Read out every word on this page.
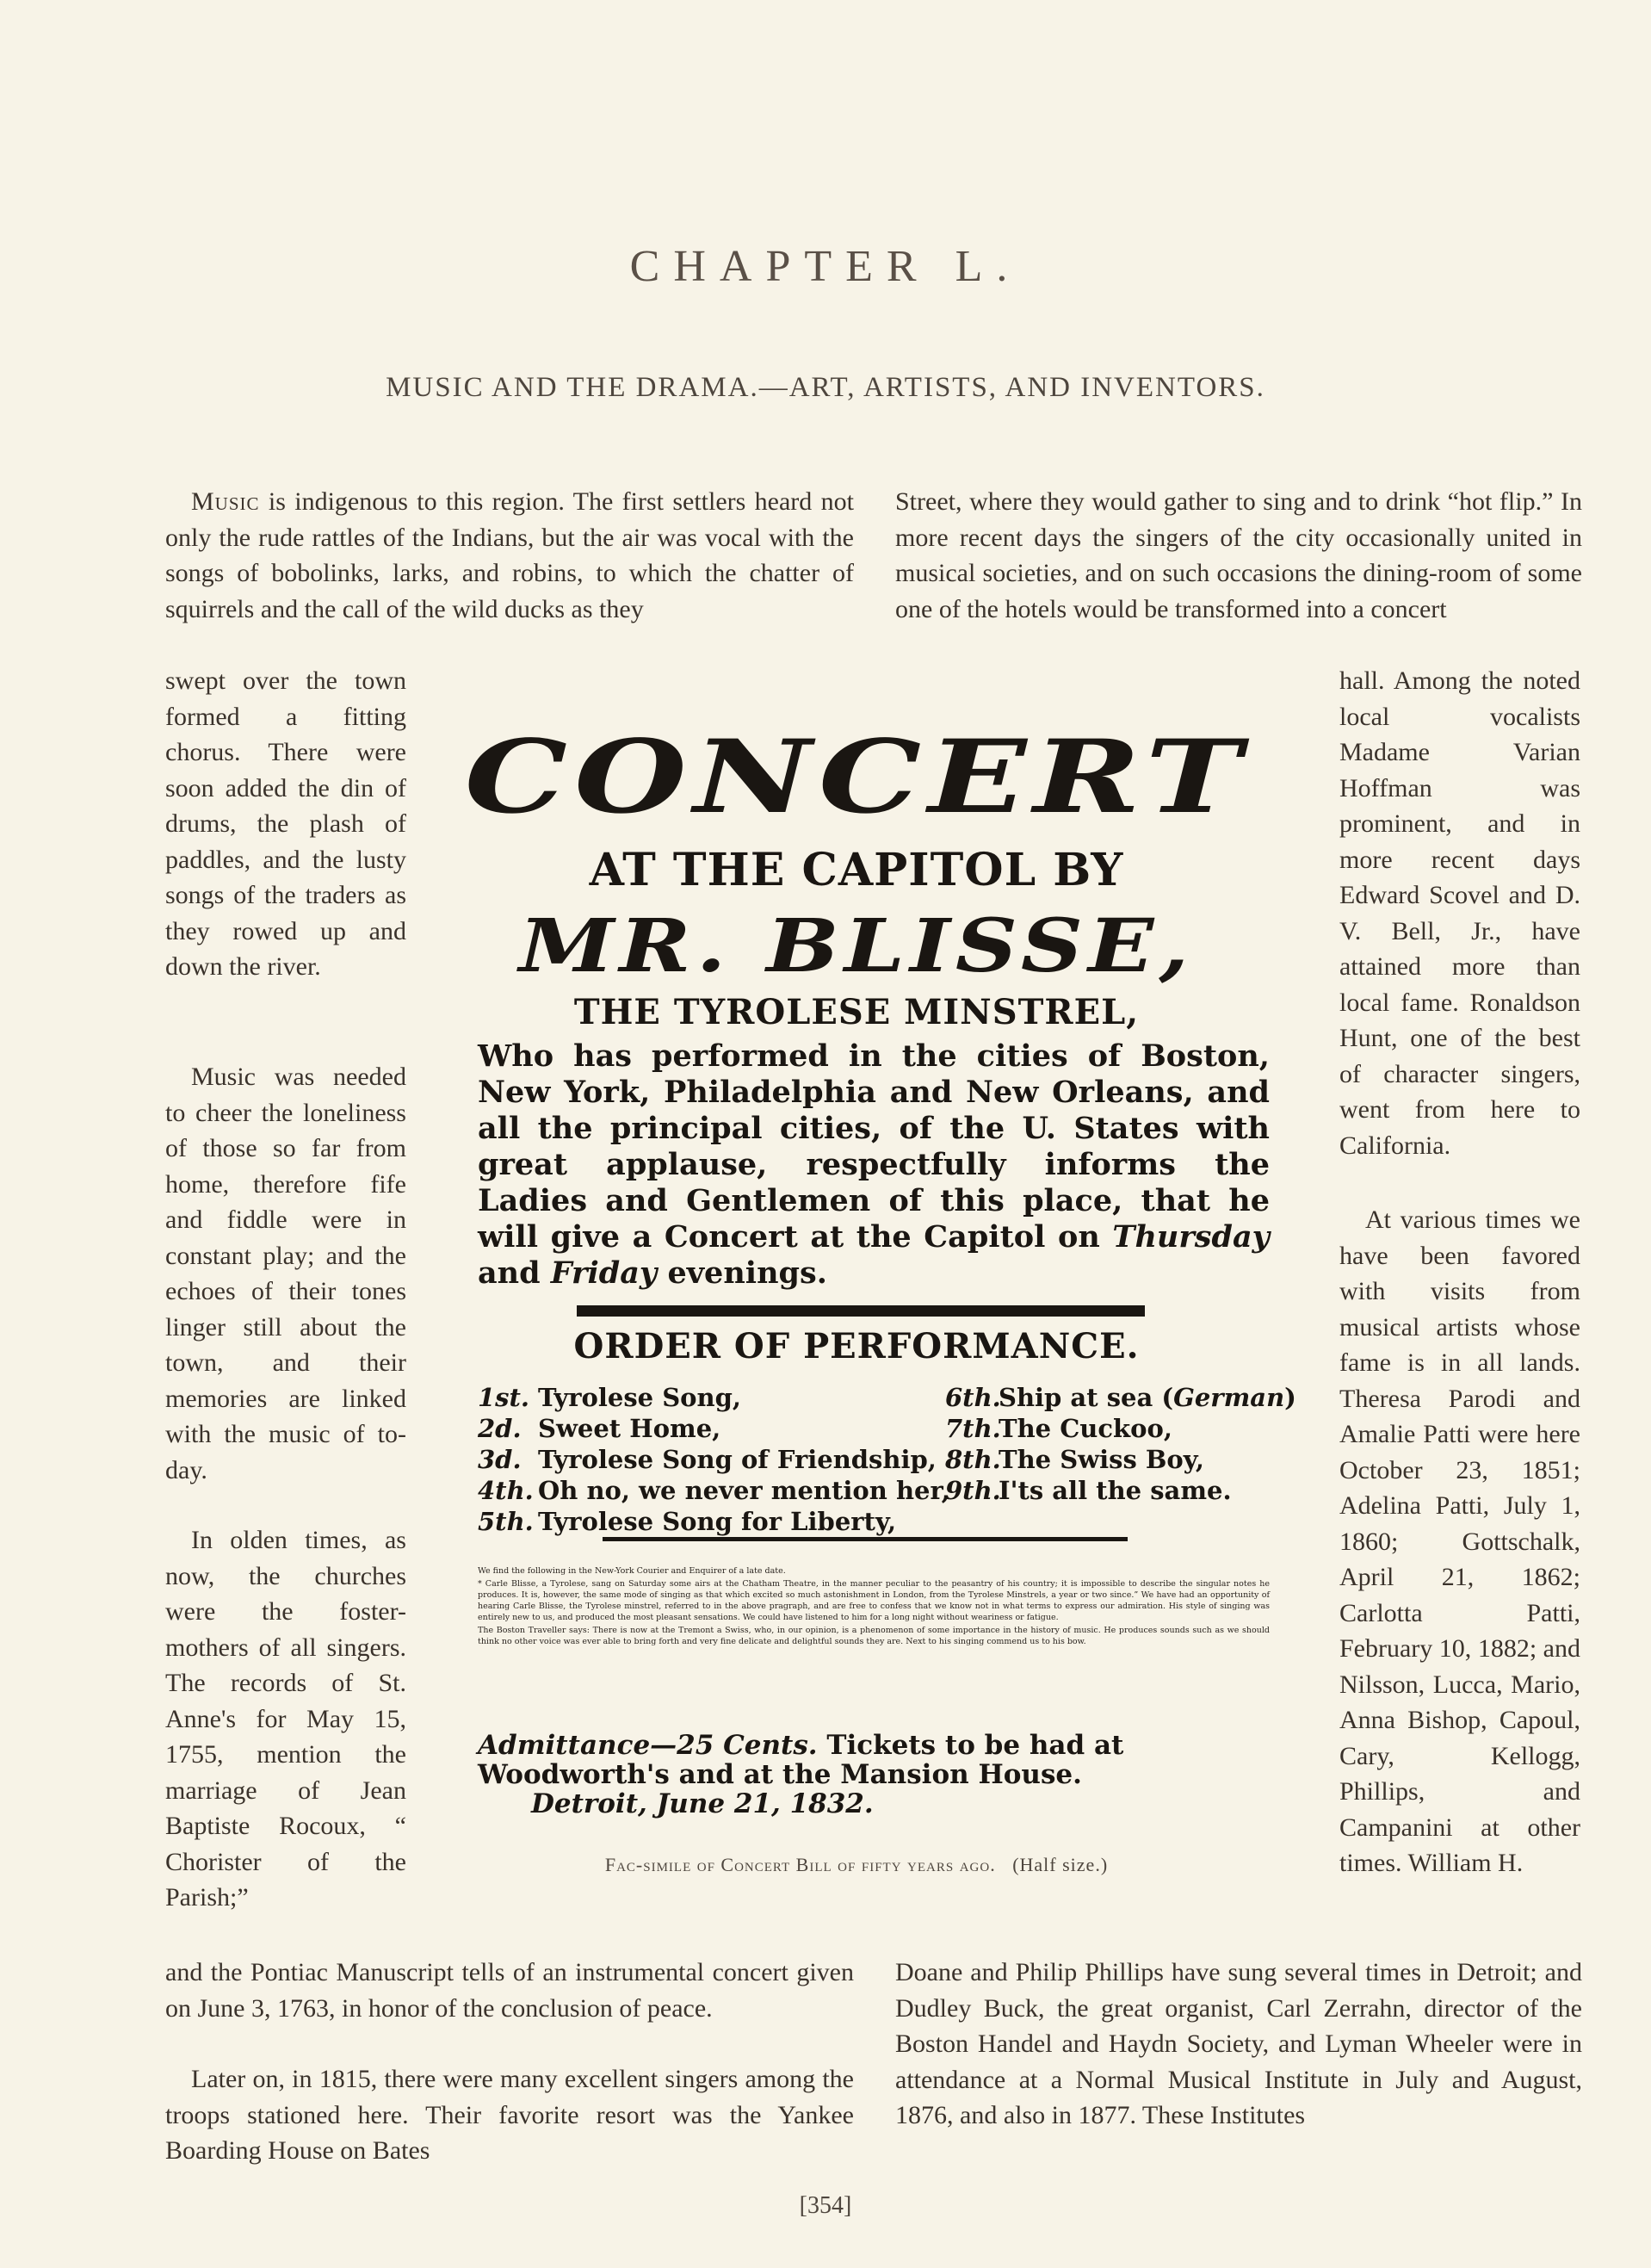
CHAPTER L.
MUSIC AND THE DRAMA.—ART, ARTISTS, AND INVENTORS.

Music is indigenous to this region. The first settlers heard not only the rude rattles of the Indians, but the air was vocal with the songs of bobolinks, larks, and robins, to which the chatter of squirrels and the call of the wild ducks as they

Street, where they would gather to sing and to drink “hot flip.” In more recent days the singers of the city occasionally united in musical societies, and on such occasions the dining-room of some one of the hotels would be transformed into a concert

swept over the town formed a fitting chorus. There were soon added the din of drums, the plash of paddles, and the lusty songs of the traders as they rowed up and down the river.

Music was needed to cheer the loneliness of those so far from home, therefore fife and fiddle were in constant play; and the echoes of their tones linger still about the town, and their memories are linked with the music of to-day.

In olden times, as now, the churches were the foster-mothers of all singers. The records of St. Anne's for May 15, 1755, mention the marriage of Jean Baptiste Rocoux, “ Chorister of the Parish;”

hall. Among the noted local vocalists Madame Varian Hoffman was prominent, and in more recent days Edward Scovel and D. V. Bell, Jr., have attained more than local fame. Ronaldson Hunt, one of the best of character singers, went from here to California.

At various times we have been favored with visits from musical artists whose fame is in all lands. Theresa Parodi and Amalie Patti were here October 23, 1851; Adelina Patti, July 1, 1860; Gottschalk, April 21, 1862; Carlotta Patti, February 10, 1882; and Nilsson, Lucca, Mario, Anna Bishop, Capoul, Cary, Kellogg, Phillips, and Campanini at other times. William H.

and the Pontiac Manuscript tells of an instrumental concert given on June 3, 1763, in honor of the conclusion of peace.

Later on, in 1815, there were many excellent singers among the troops stationed here. Their favorite resort was the Yankee Boarding House on Bates

Doane and Philip Phillips have sung several times in Detroit; and Dudley Buck, the great organist, Carl Zerrahn, director of the Boston Handel and Haydn Society, and Lyman Wheeler were in attendance at a Normal Musical Institute in July and August, 1876, and also in 1877. These Institutes

CONCERT
AT THE CAPITOL BY
MR. BLISSE,
THE TYROLESE MINSTREL,
Who has performed in the cities of Boston, New York, Philadelphia and New Orleans, and all the principal cities, of the U. States with great applause, respectfully informs the Ladies and Gentlemen of this place, that he will give a Concert at the Capitol on Thursday and Friday evenings.
ORDER OF PERFORMANCE.
1st. Tyrolese Song,
2d. Sweet Home,
3d. Tyrolese Song of Friendship,
4th. Oh no, we never mention her,
5th. Tyrolese Song for Liberty,
6th.Ship at sea (German)
7th.The Cuckoo,
8th.The Swiss Boy,
9th.I'ts all the same.

We find the following in the New-York Courier and Enquirer of a late date.

* Carle Blisse, a Tyrolese, sang on Saturday some airs at the Chatham Theatre, in the manner peculiar to the peasantry of his country; it is impossible to describe the singular notes he produces. It is, however, the same mode of singing as that which excited so much astonishment in London, from the Tyrolese Minstrels, a year or two since.” We have had an opportunity of hearing Carle Blisse, the Tyrolese minstrel, referred to in the above pragraph, and are free to confess that we know not in what terms to express our admiration. His style of singing was entirely new to us, and produced the most pleasant sensations. We could have listened to him for a long night without weariness or fatigue.

The Boston Traveller says: There is now at the Tremont a Swiss, who, in our opinion, is a phenomenon of some importance in the history of music. He produces sounds such as we should think no other voice was ever able to bring forth and very fine delicate and delightful sounds they are. Next to his singing commend us to his bow.

Admittance—25 Cents. Tickets to be had at Woodworth's and at the Mansion House.
Detroit, June 21, 1832.
Fac-simile of Concert Bill of fifty years ago. (Half size.)
[354]
